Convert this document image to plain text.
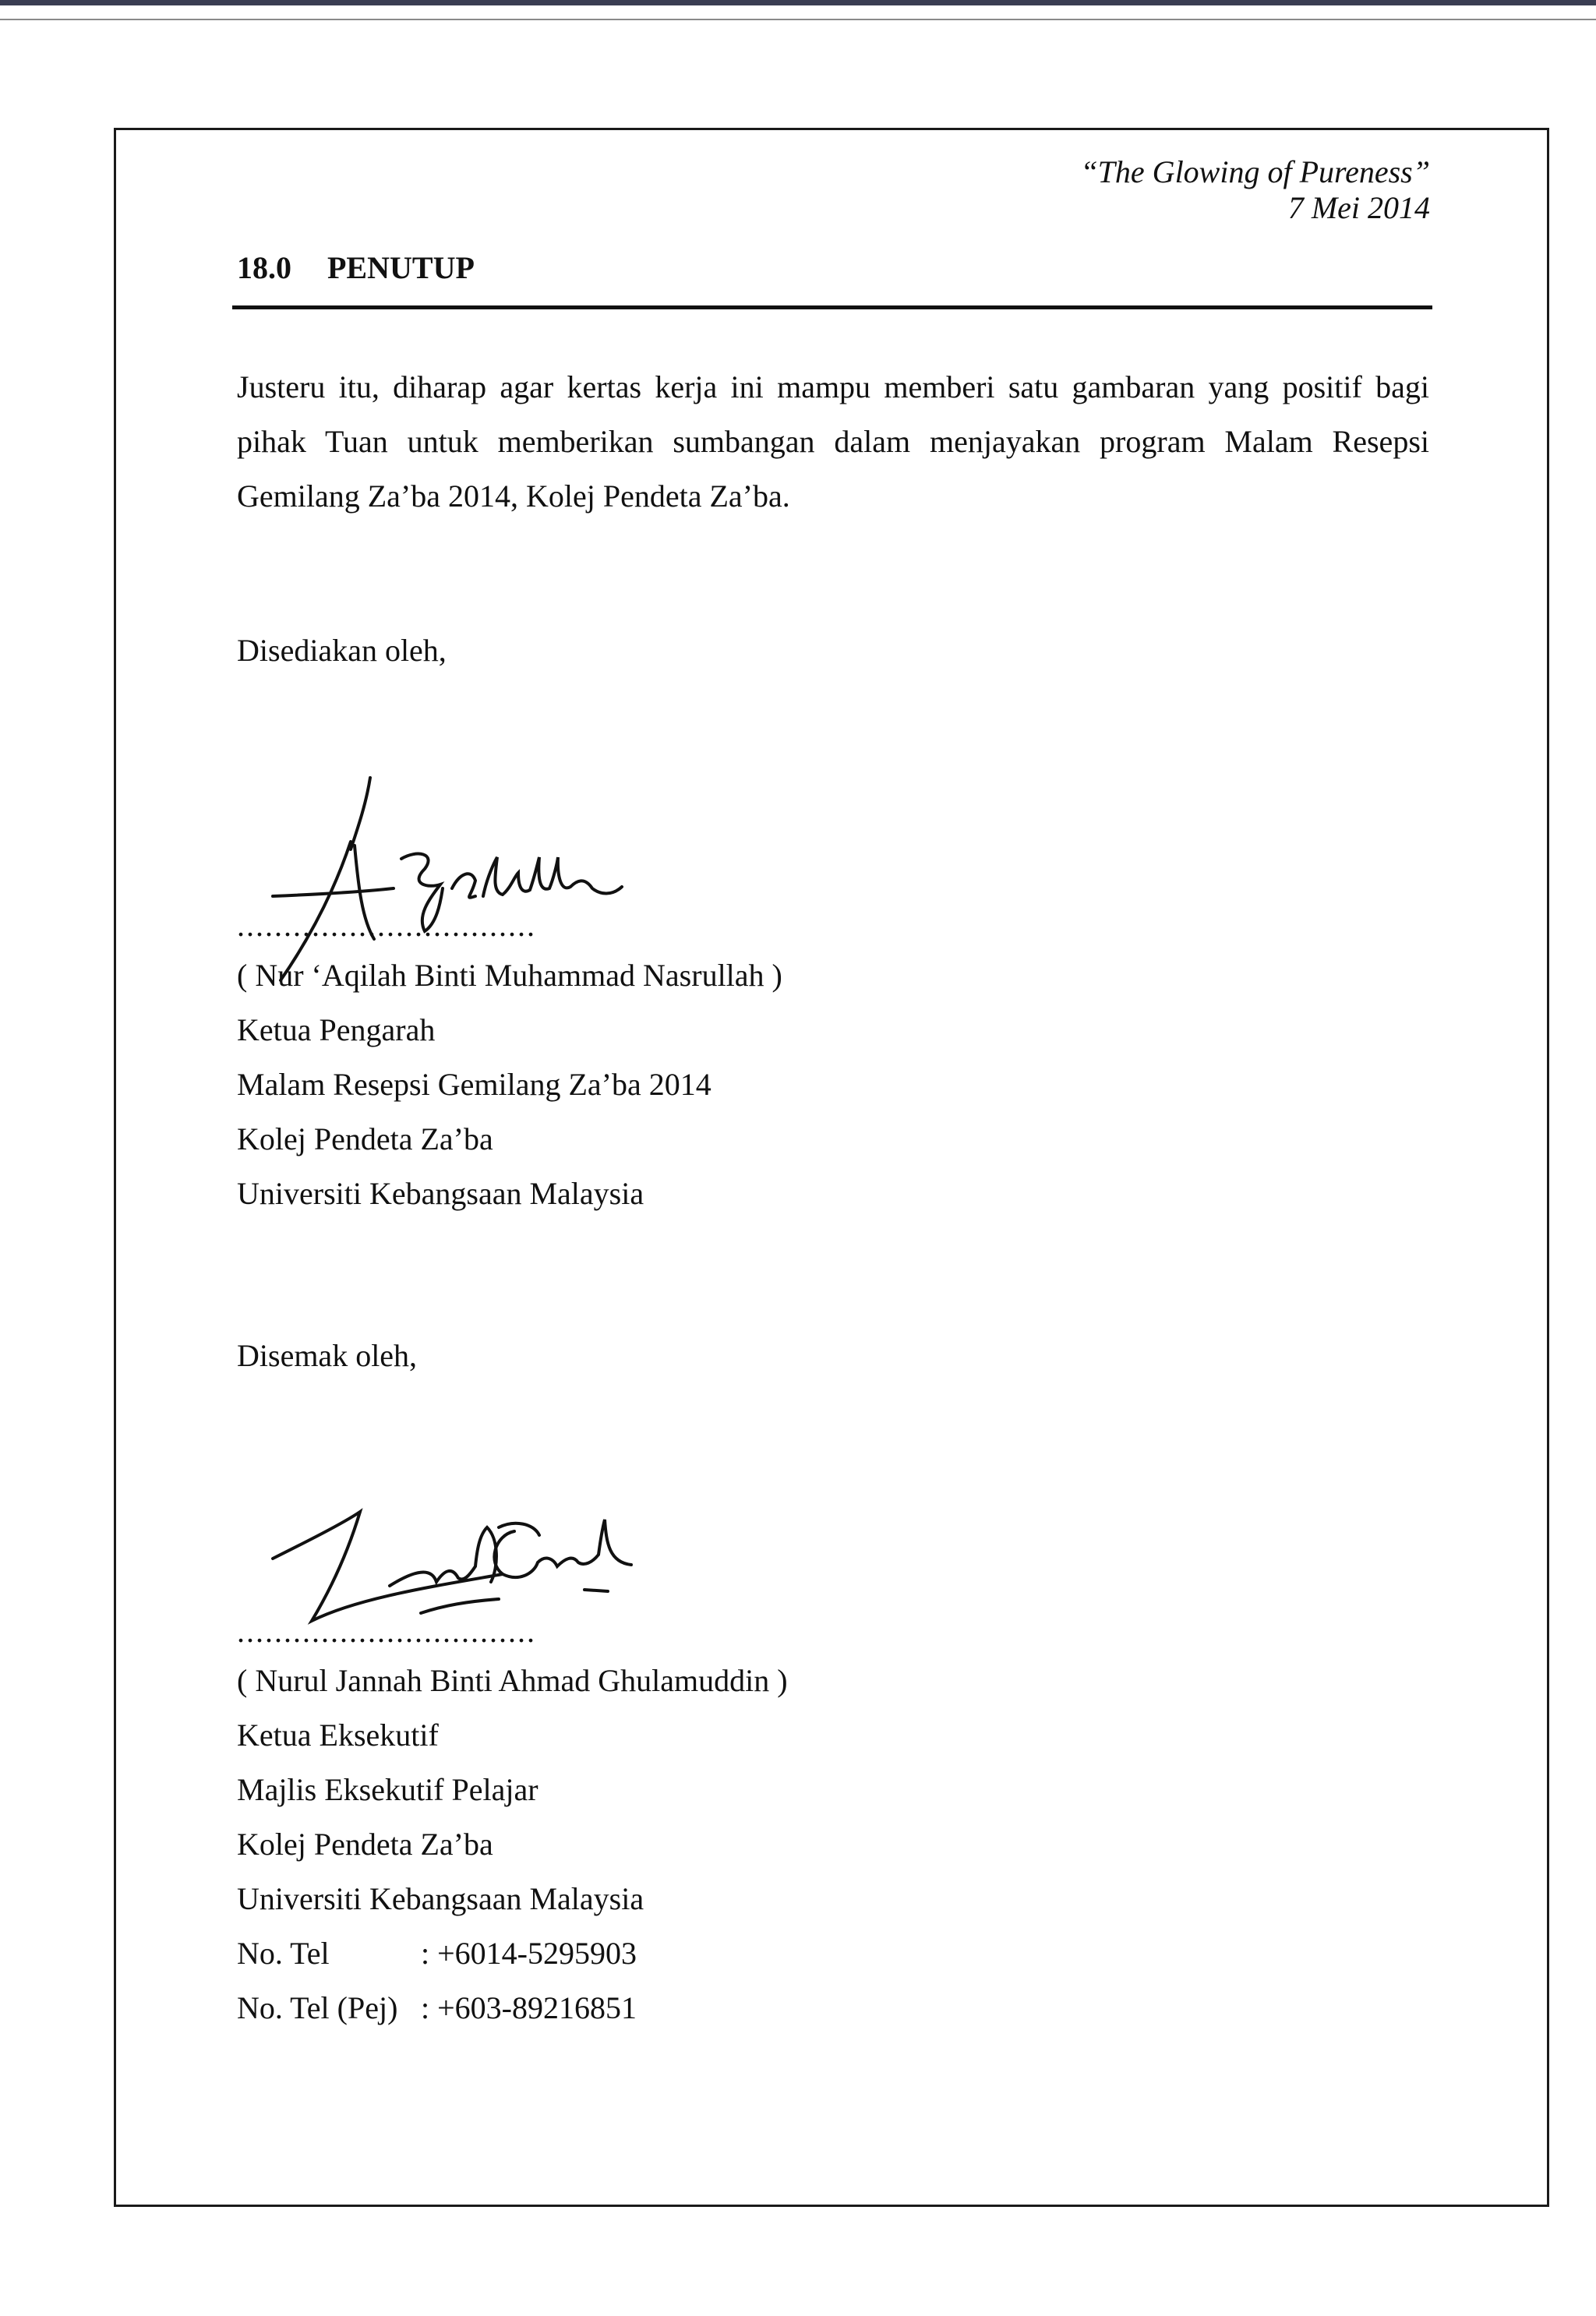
“The Glowing of Pureness”
7 Mei 2014
18.0 PENUTUP
Justeru itu, diharap agar kertas kerja ini mampu memberi satu gambaran yang positif bagi pihak Tuan untuk memberikan sumbangan dalam menjayakan program Malam Resepsi Gemilang Za’ba 2014, Kolej Pendeta Za’ba.
Disediakan oleh,
................................
( Nur ‘Aqilah Binti Muhammad Nasrullah )
Ketua Pengarah
Malam Resepsi Gemilang Za’ba 2014
Kolej Pendeta Za’ba
Universiti Kebangsaan Malaysia
Disemak oleh,
................................
( Nurul Jannah Binti Ahmad Ghulamuddin )
Ketua Eksekutif
Majlis Eksekutif Pelajar
Kolej Pendeta Za’ba
Universiti Kebangsaan Malaysia
No. Tel	: +6014-5295903
No. Tel (Pej) : +603-89216851
